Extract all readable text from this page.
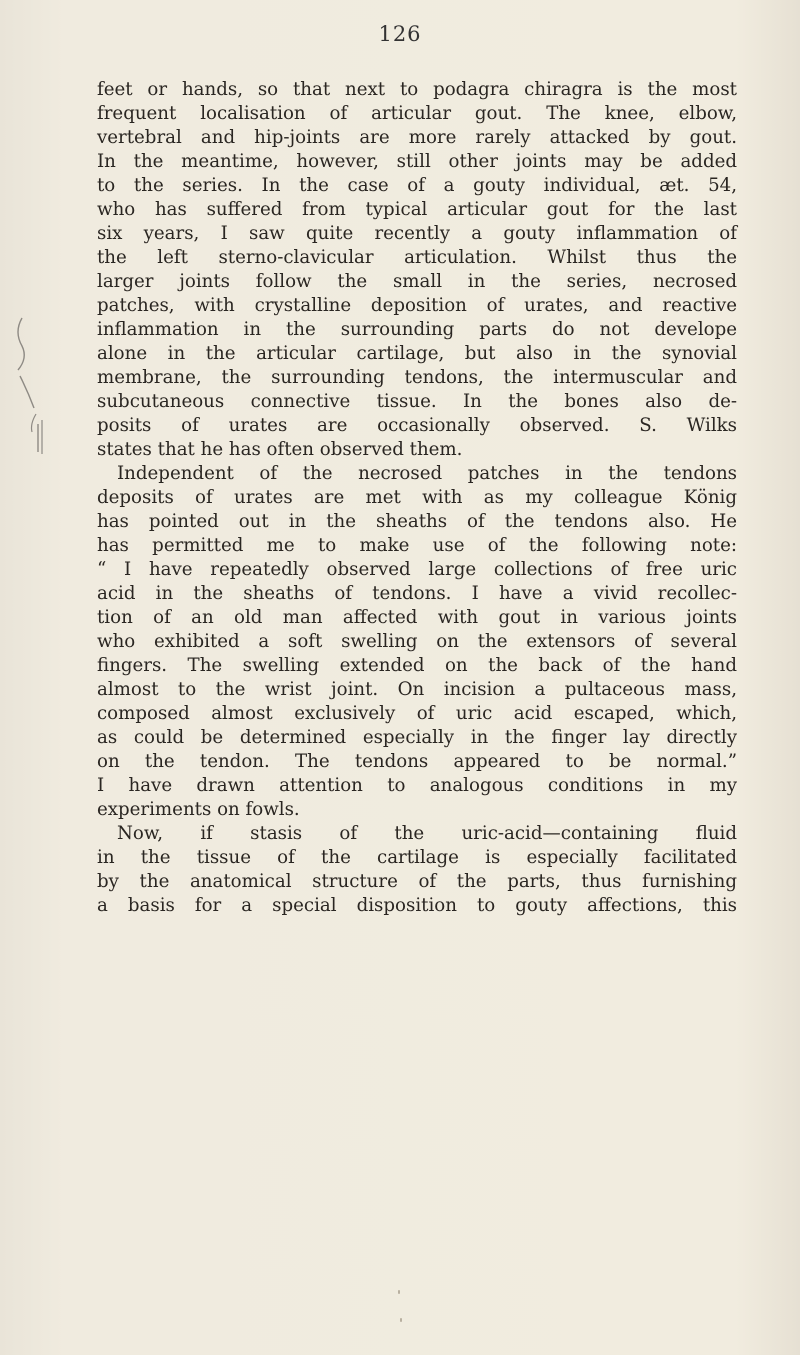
126
feet or hands, so that next to podagra chiragra is the most
frequent localisation of articular gout. The knee, elbow,
vertebral and hip-joints are more rarely attacked by gout.
In the meantime, however, still other joints may be added
to the series. In the case of a gouty individual, æt. 54,
who has suffered from typical articular gout for the last
six years, I saw quite recently a gouty inflammation of
the left sterno-clavicular articulation. Whilst thus the
larger joints follow the small in the series, necrosed
patches, with crystalline deposition of urates, and reactive
inflammation in the surrounding parts do not develope
alone in the articular cartilage, but also in the synovial
membrane, the surrounding tendons, the intermuscular and
subcutaneous connective tissue. In the bones also de-
posits of urates are occasionally observed. S. Wilks
states that he has often observed them.
Independent of the necrosed patches in the tendons
deposits of urates are met with as my colleague König
has pointed out in the sheaths of the tendons also. He
has permitted me to make use of the following note:
“ I have repeatedly observed large collections of free uric
acid in the sheaths of tendons. I have a vivid recollec-
tion of an old man affected with gout in various joints
who exhibited a soft swelling on the extensors of several
fingers. The swelling extended on the back of the hand
almost to the wrist joint. On incision a pultaceous mass,
composed almost exclusively of uric acid escaped, which,
as could be determined especially in the finger lay directly
on the tendon. The tendons appeared to be normal.”
I have drawn attention to analogous conditions in my
experiments on fowls.
Now, if stasis of the uric-acid—containing fluid
in the tissue of the cartilage is especially facilitated
by the anatomical structure of the parts, thus furnishing
a basis for a special disposition to gouty affections, this
